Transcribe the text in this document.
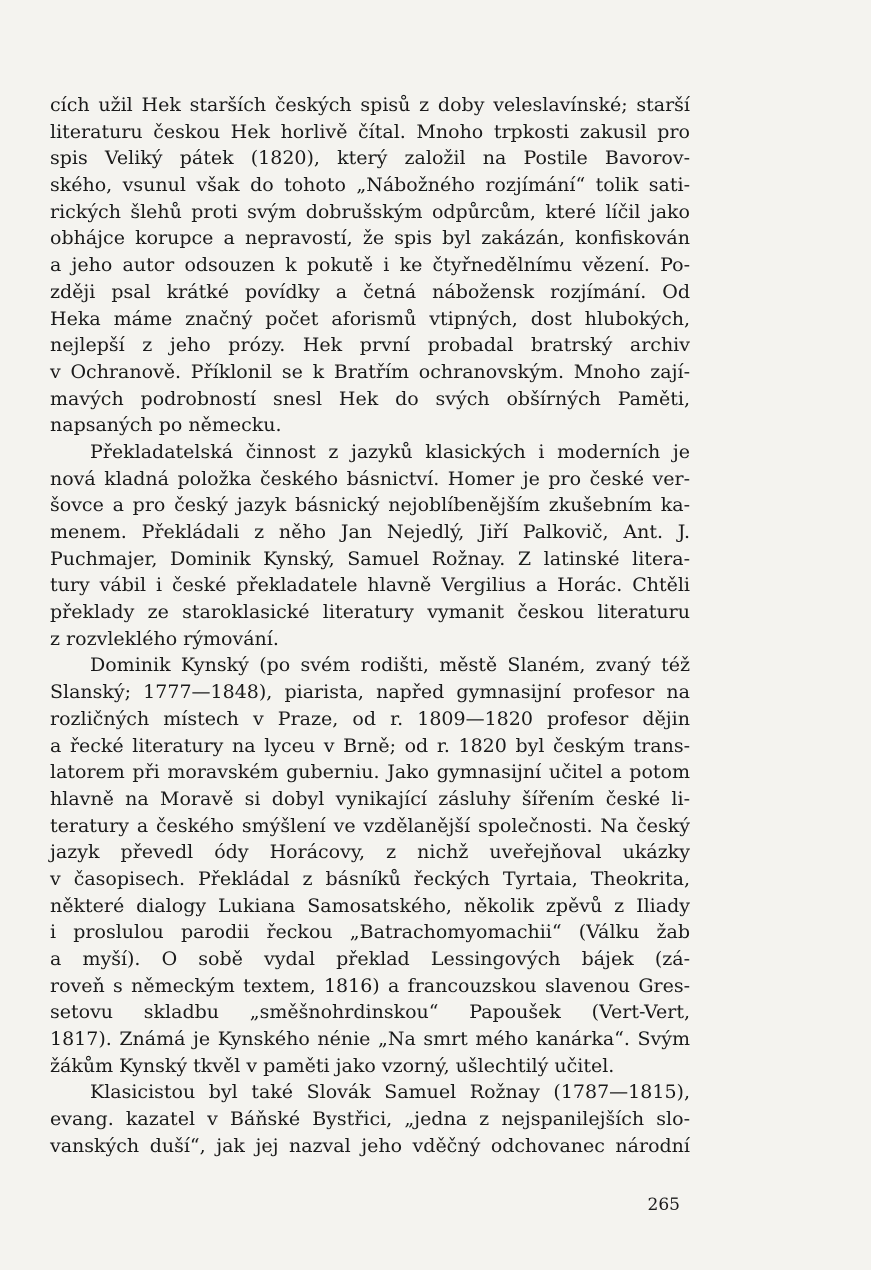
cích užil Hek starších českých spisů z doby veleslavínské; starší
literaturu českou Hek horlivě čítal. Mnoho trpkosti zakusil pro
spis Veliký pátek (1820), který založil na Postile Bavorov-
ského, vsunul však do tohoto „Nábožného rozjímání“ tolik sati-
rických šlehů proti svým dobrušským odpůrcům, které líčil jako
obhájce korupce a nepravostí, že spis byl zakázán, konfiskován
a jeho autor odsouzen k pokutě i ke čtyřnedělnímu vězení. Po-
zději psal krátké povídky a četná nábožensk rozjímání. Od
Heka máme značný počet aforismů vtipných, dost hlubokých,
nejlepší z jeho prózy. Hek první probadal bratrský archiv
v Ochranově. Příklonil se k Bratřím ochranovským. Mnoho zají-
mavých podrobností snesl Hek do svých obšírných Paměti,
napsaných po německu.
Překladatelská činnost z jazyků klasických i moderních je
nová kladná položka českého básnictví. Homer je pro české ver-
šovce a pro český jazyk básnický nejoblíbenějším zkušebním ka-
menem. Překládali z něho Jan Nejedlý, Jiří Palkovič, Ant. J.
Puchmajer, Dominik Kynský, Samuel Rožnay. Z latinské litera-
tury vábil i české překladatele hlavně Vergilius a Horác. Chtěli
překlady ze staroklasické literatury vymanit českou literaturu
z rozvleklého rýmování.
Dominik Kynský (po svém rodišti, městě Slaném, zvaný též
Slanský; 1777—1848), piarista, napřed gymnasijní profesor na
rozličných místech v Praze, od r. 1809—1820 profesor dějin
a řecké literatury na lyceu v Brně; od r. 1820 byl českým trans-
latorem při moravském guberniu. Jako gymnasijní učitel a potom
hlavně na Moravě si dobyl vynikající zásluhy šířením české li-
teratury a českého smýšlení ve vzdělanější společnosti. Na český
jazyk převedl ódy Horácovy, z nichž uveřejňoval ukázky
v časopisech. Překládal z básníků řeckých Tyrtaia, Theokrita,
některé dialogy Lukiana Samosatského, několik zpěvů z Iliady
i proslulou parodii řeckou „Batrachomyomachii“ (Válku žab
a myší). O sobě vydal překlad Lessingových bájek (zá-
roveň s německým textem, 1816) a francouzskou slavenou Gres-
setovu skladbu „směšnohrdinskou“ Papoušek (Vert-Vert,
1817). Známá je Kynského nénie „Na smrt mého kanárka“. Svým
žákům Kynský tkvěl v paměti jako vzorný, ušlechtilý učitel.
Klasicistou byl také Slovák Samuel Rožnay (1787—1815),
evang. kazatel v Báňské Bystřici, „jedna z nejspanilejších slo-
vanských duší“, jak jej nazval jeho vděčný odchovanec národní
265
